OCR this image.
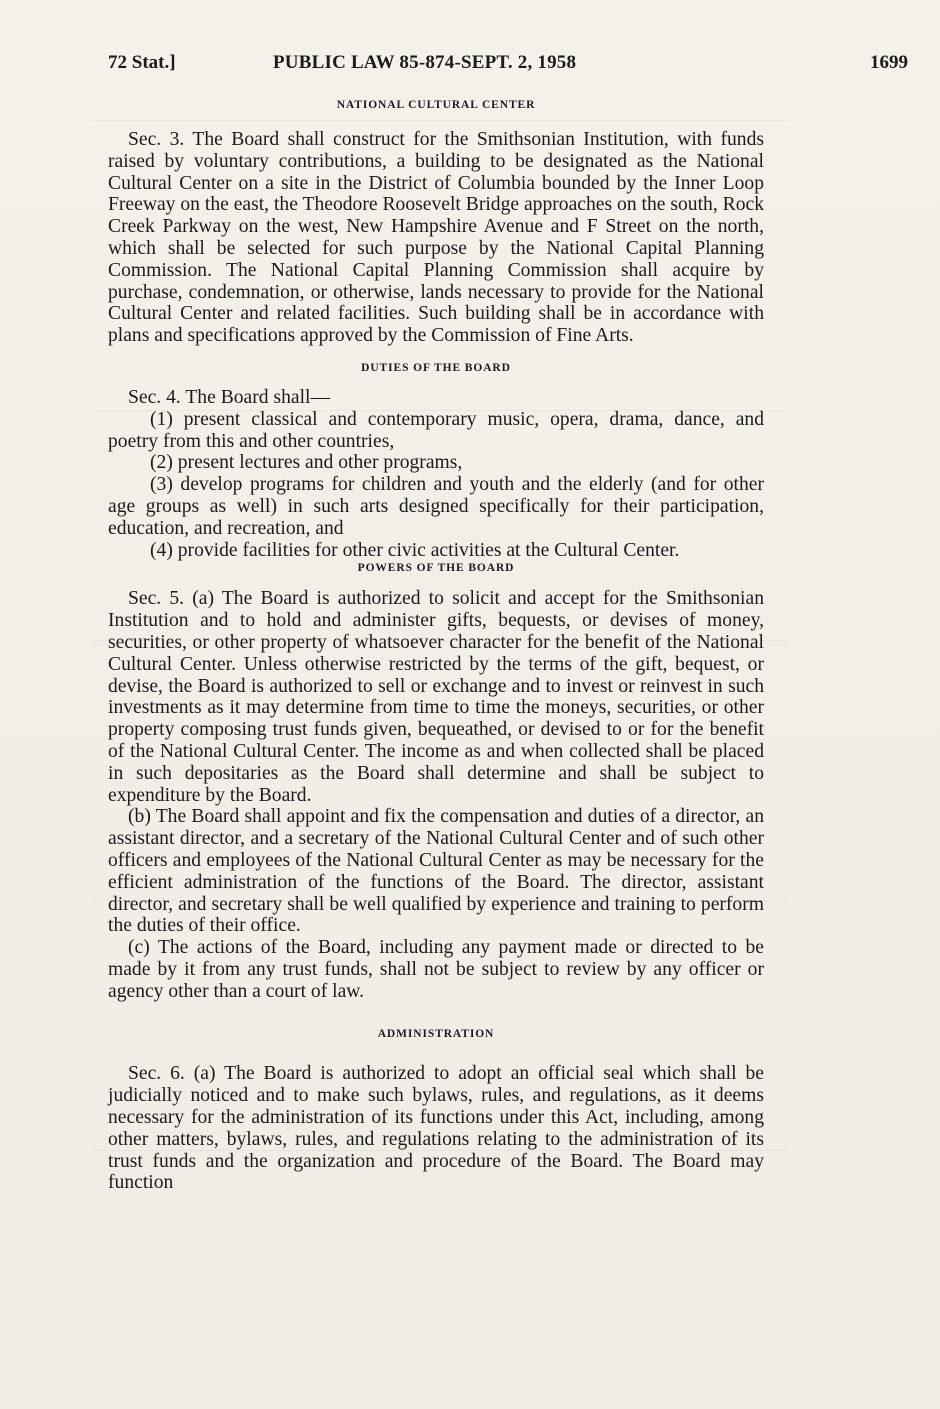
72 Stat.]	PUBLIC LAW 85-874-SEPT. 2, 1958	1699
NATIONAL CULTURAL CENTER

Sec. 3. The Board shall construct for the Smithsonian Institution, with funds raised by voluntary contributions, a building to be designated as the National Cultural Center on a site in the District of Columbia bounded by the Inner Loop Freeway on the east, the Theodore Roosevelt Bridge approaches on the south, Rock Creek Parkway on the west, New Hampshire Avenue and F Street on the north, which shall be selected for such purpose by the National Capital Planning Commission. The National Capital Planning Commission shall acquire by purchase, condemnation, or otherwise, lands necessary to provide for the National Cultural Center and related facilities. Such building shall be in accordance with plans and specifications approved by the Commission of Fine Arts.

DUTIES OF THE BOARD

Sec. 4. The Board shall—

(1) present classical and contemporary music, opera, drama, dance, and poetry from this and other countries,

(2) present lectures and other programs,

(3) develop programs for children and youth and the elderly (and for other age groups as well) in such arts designed specifically for their participation, education, and recreation, and

(4) provide facilities for other civic activities at the Cultural Center.

POWERS OF THE BOARD

Sec. 5. (a) The Board is authorized to solicit and accept for the Smithsonian Institution and to hold and administer gifts, bequests, or devises of money, securities, or other property of whatsoever character for the benefit of the National Cultural Center. Unless otherwise restricted by the terms of the gift, bequest, or devise, the Board is authorized to sell or exchange and to invest or reinvest in such investments as it may determine from time to time the moneys, securities, or other property composing trust funds given, bequeathed, or devised to or for the benefit of the National Cultural Center. The income as and when collected shall be placed in such depositaries as the Board shall determine and shall be subject to expenditure by the Board.

(b) The Board shall appoint and fix the compensation and duties of a director, an assistant director, and a secretary of the National Cultural Center and of such other officers and employees of the National Cultural Center as may be necessary for the efficient administration of the functions of the Board. The director, assistant director, and secretary shall be well qualified by experience and training to perform the duties of their office.

(c) The actions of the Board, including any payment made or directed to be made by it from any trust funds, shall not be subject to review by any officer or agency other than a court of law.

ADMINISTRATION

Sec. 6. (a) The Board is authorized to adopt an official seal which shall be judicially noticed and to make such bylaws, rules, and regulations, as it deems necessary for the administration of its functions under this Act, including, among other matters, bylaws, rules, and regulations relating to the administration of its trust funds and the organization and procedure of the Board. The Board may function
